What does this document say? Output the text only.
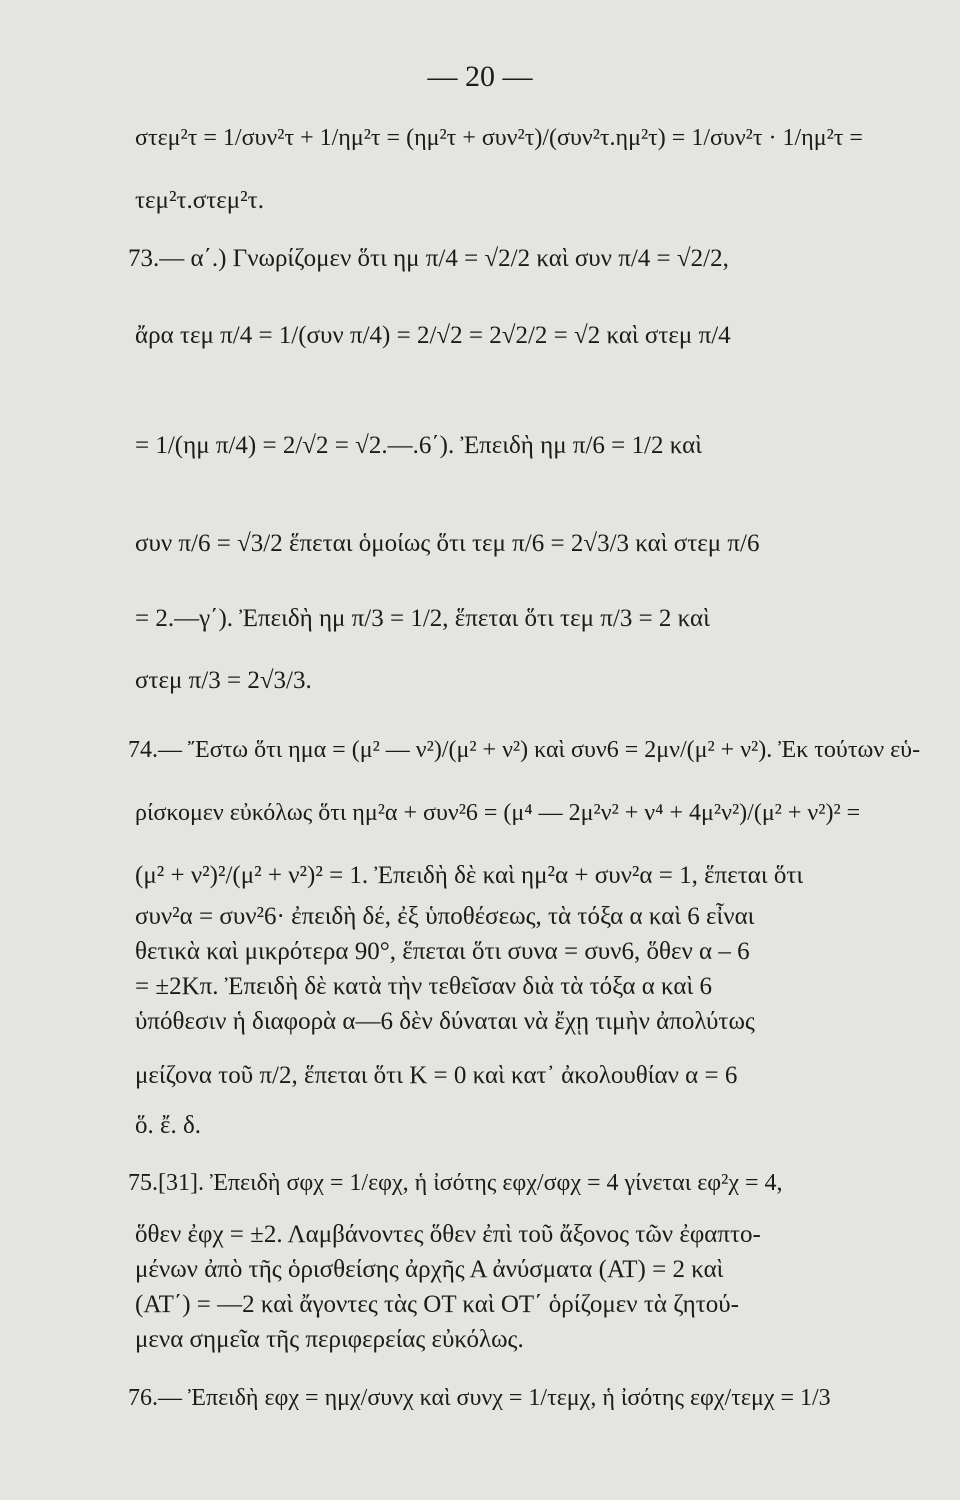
— 20 —
στεμ²τ = 1/συν²τ + 1/ημ²τ = (ημ²τ + συν²τ)/(συν²τ.ημ²τ) = 1/συν²τ · 1/ημ²τ =
τεμ²τ.στεμ²τ.
73.— α΄.) Γνωρίζομεν ὅτι ημ π/4 = √2/2 καὶ συν π/4 = √2/2,
ἄρα τεμ π/4 = 1/(συν π/4) = 2/√2 = 2√2/2 = √2 καὶ στεμ π/4
= 1/(ημ π/4) = 2/√2 = √2.—.6΄). Ἐπειδὴ ημ π/6 = 1/2 καὶ
συν π/6 = √3/2 ἕπεται ὁμοίως ὅτι τεμ π/6 = 2√3/3 καὶ στεμ π/6
= 2.—γ΄). Ἐπειδὴ ημ π/3 = 1/2, ἕπεται ὅτι τεμ π/3 = 2 καὶ
στεμ π/3 = 2√3/3.
74.— Ἔστω ὅτι ημα = (μ² — ν²)/(μ² + ν²) καὶ συν6 = 2μν/(μ² + ν²). Ἐκ τούτων εὑ-
ρίσκομεν εὐκόλως ὅτι ημ²α + συν²6 = (μ⁴ — 2μ²ν² + ν⁴ + 4μ²ν²)/(μ² + ν²)² =
(μ² + ν²)²/(μ² + ν²)² = 1. Ἐπειδὴ δὲ καὶ ημ²α + συν²α = 1, ἕπεται ὅτι
συν²α = συν²6· ἐπειδὴ δέ, ἐξ ὑποθέσεως, τὰ τόξα α καὶ 6 εἶναι
θετικὰ καὶ μικρότερα 90°, ἕπεται ὅτι συνα = συν6, ὅθεν α – 6
= ±2Κπ. Ἐπειδὴ δὲ κατὰ τὴν τεθεῖσαν διὰ τὰ τόξα α καὶ 6
ὑπόθεσιν ἡ διαφορὰ α—6 δὲν δύναται νὰ ἔχῃ τιμὴν ἀπολύτως
μείζονα τοῦ π/2, ἕπεται ὅτι Κ = 0 καὶ κατ᾿ ἀκολουθίαν α = 6
ὅ. ἔ. δ.
75.[31]. Ἐπειδὴ σφχ = 1/εφχ, ἡ ἰσότης εφχ/σφχ = 4 γίνεται εφ²χ = 4,
ὅθεν ἐφχ = ±2. Λαμβάνοντες ὅθεν ἐπὶ τοῦ ἄξονος τῶν ἐφαπτο-
μένων ἀπὸ τῆς ὁρισθείσης ἀρχῆς Α ἀνύσματα (ΑΤ) = 2 καὶ
(ΑΤ΄) = —2 καὶ ἄγοντες τὰς ΟΤ καὶ ΟΤ΄ ὁρίζομεν τὰ ζητού-
μενα σημεῖα τῆς περιφερείας εὐκόλως.
76.— Ἐπειδὴ εφχ = ημχ/συνχ καὶ συνχ = 1/τεμχ, ἡ ἰσότης εφχ/τεμχ = 1/3
